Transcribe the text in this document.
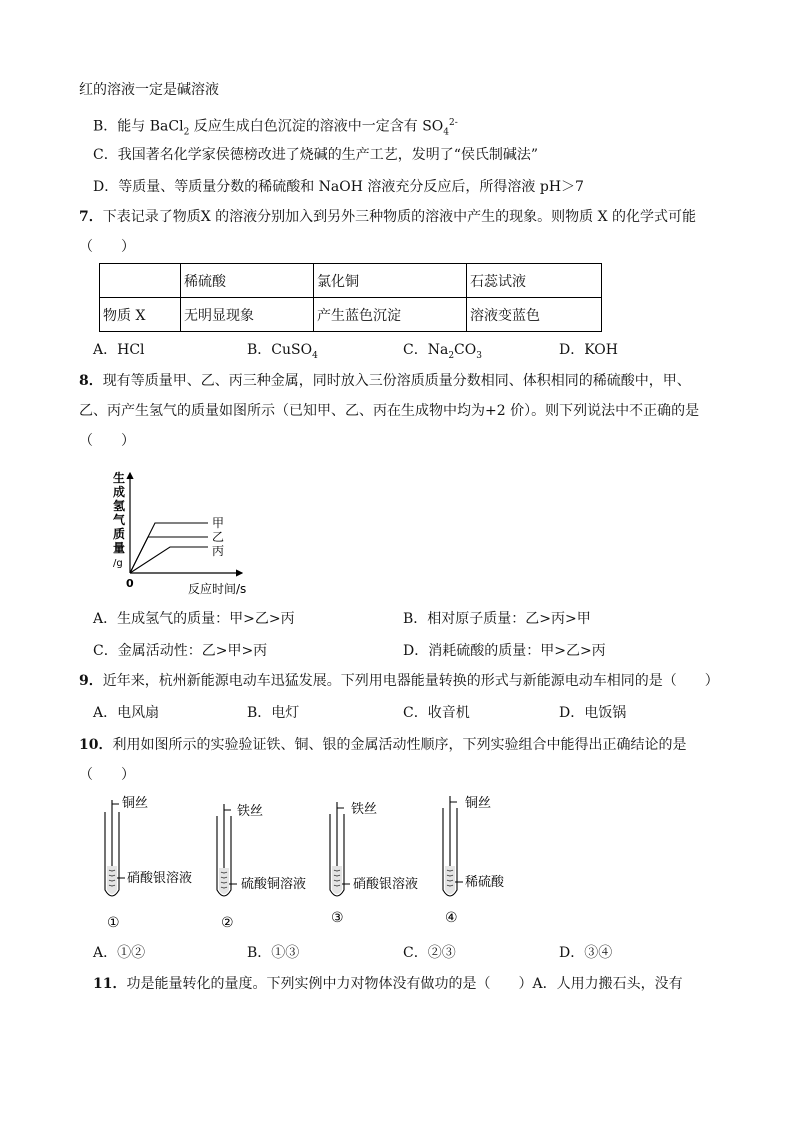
红的溶液一定是碱溶液
B．能与 BaCl$_2$ 反应生成白色沉淀的溶液中一定含有 $SO_4^{2-}$
C．我国著名化学家侯德榜改进了烧碱的生产工艺，发明了“侯氏制碱法”
D．等质量、等质量分数的稀硫酸和 NaOH 溶液充分反应后，所得溶液 pH＞7
7．下表记录了物质X 的溶液分别加入到另外三种物质的溶液中产生的现象。则物质 X 的化学式可能
（　　）
	稀硫酸	氯化铜	石蕊试液
物质 X	无明显现象	产生蓝色沉淀	溶液变蓝色
A．HCl	B．CuSO$_4$	C．$Na_2CO_3$	D．KOH
8．现有等质量甲、乙、丙三种金属，同时放入三份溶质质量分数相同、体积相同的稀硫酸中，甲、
乙、丙产生氢气的质量如图所示（已知甲、乙、丙在生成物中均为+2 价）。则下列说法中不正确的是
（　　）
生
成
氢
气
质
量
/g
0	反应时间/s
甲
乙
丙
A．生成氢气的质量：甲>乙>丙	B．相对原子质量：乙>丙>甲
C．金属活动性：乙>甲>丙	D．消耗硫酸的质量：甲>乙>丙
9．近年来，杭州新能源电动车迅猛发展。下列用电器能量转换的形式与新能源电动车相同的是（　　）
A．电风扇	B．电灯	C．收音机	D．电饭锅
10．利用如图所示的实验验证铁、铜、银的金属活动性顺序，下列实验组合中能得出正确结论的是
（　　）
铜丝
硝酸银溶液
①
铁丝
硫酸铜溶液
②
铁丝
硝酸银溶液
③
铜丝
稀硫酸
④
A．①②	B．①③	C．②③	D．③④
11．功是能量转化的量度。下列实例中力对物体没有做功的是（　　）A．人用力搬石头，没有
